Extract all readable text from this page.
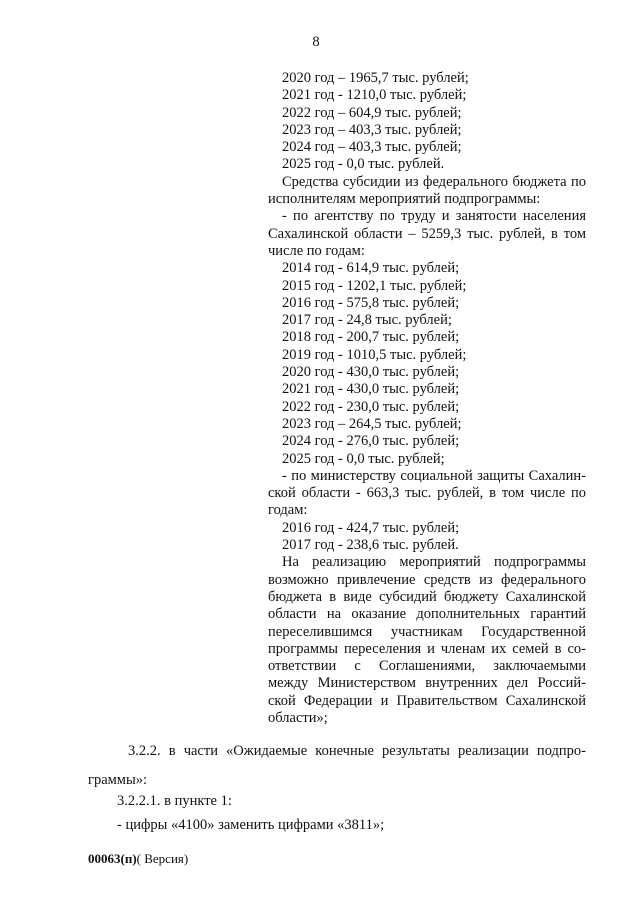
8
2020 год – 1965,7 тыс. рублей;
2021 год - 1210,0 тыс. рублей;
2022 год – 604,9 тыс. рублей;
2023 год – 403,3 тыс. рублей;
2024 год – 403,3 тыс. рублей;
2025 год - 0,0 тыс. рублей.
Средства субсидии из федерального бюджета по
исполнителям мероприятий подпрограммы:
- по агентству по труду и занятости населения
Сахалинской области – 5259,3 тыс. рублей, в том
числе по годам:
2014 год - 614,9 тыс. рублей;
2015 год - 1202,1 тыс. рублей;
2016 год - 575,8 тыс. рублей;
2017 год - 24,8 тыс. рублей;
2018 год - 200,7 тыс. рублей;
2019 год - 1010,5 тыс. рублей;
2020 год - 430,0 тыс. рублей;
2021 год - 430,0 тыс. рублей;
2022 год - 230,0 тыс. рублей;
2023 год – 264,5 тыс. рублей;
2024 год - 276,0 тыс. рублей;
2025 год - 0,0 тыс. рублей;
- по министерству социальной защиты Сахалин-
ской области - 663,3 тыс. рублей, в том числе по
годам:
2016 год - 424,7 тыс. рублей;
2017 год - 238,6 тыс. рублей.
На реализацию мероприятий подпрограммы
возможно привлечение средств из федерального
бюджета в виде субсидий бюджету Сахалинской
области на оказание дополнительных гарантий
переселившимся участникам Государственной
программы переселения и членам их семей в со-
ответствии с Соглашениями, заключаемыми
между Министерством внутренних дел Россий-
ской Федерации и Правительством Сахалинской
области»;
3.2.2. в части «Ожидаемые конечные результаты реализации подпро-
граммы»:
3.2.2.1. в пункте 1:
- цифры «4100» заменить цифрами «3811»;
00063(п)( Версия)
